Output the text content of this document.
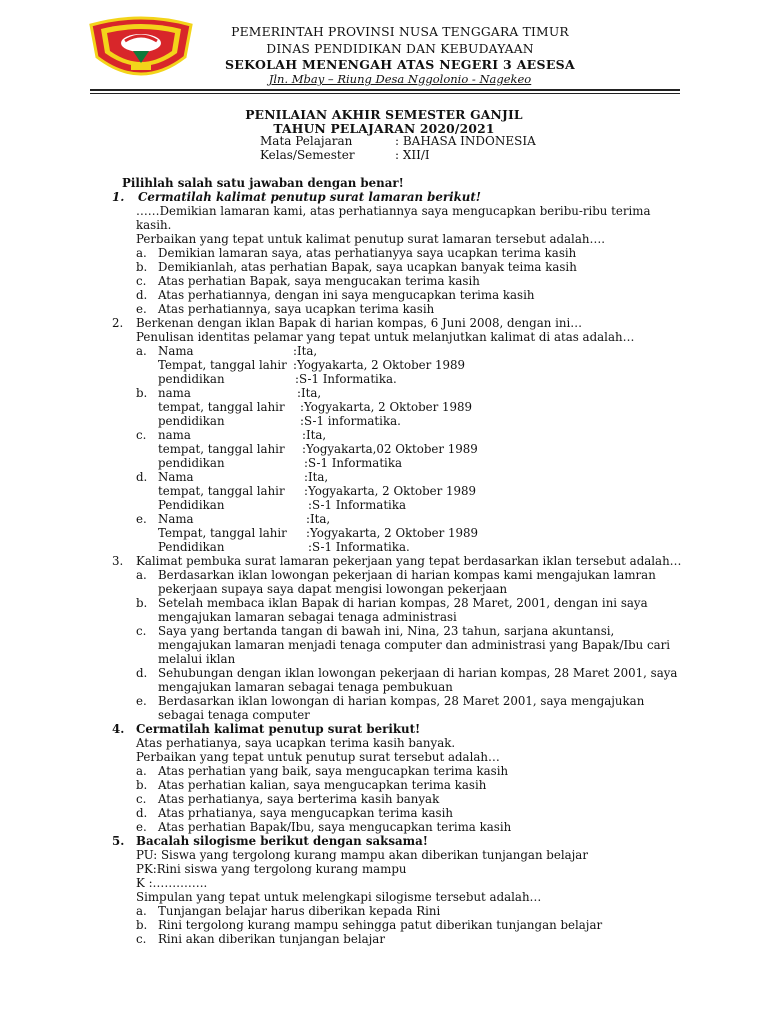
PEMERINTAH PROVINSI NUSA TENGGARA TIMUR
DINAS PENDIDIKAN DAN KEBUDAYAAN
SEKOLAH MENENGAH ATAS NEGERI 3 AESESA
Jln. Mbay – Riung Desa Nggolonio - Nagekeo
PENILAIAN AKHIR SEMESTER GANJIL
TAHUN PELAJARAN 2020/2021
Mata Pelajaran	: BAHASA INDONESIA
Kelas/Semester	: XII/I
Pilihlah salah satu jawaban dengan benar!
1. Cermatilah kalimat penutup surat lamaran berikut!
……Demikian lamaran kami, atas perhatiannya saya mengucapkan beribu-ribu terima
kasih.
Perbaikan yang tepat untuk kalimat penutup surat lamaran tersebut adalah….
a. Demikian lamaran saya, atas perhatianyya saya ucapkan terima kasih
b. Demikianlah, atas perhatian Bapak, saya ucapkan banyak teima kasih
c. Atas perhatian Bapak, saya mengucakan terima kasih
d. Atas perhatiannya, dengan ini saya mengucapkan terima kasih
e. Atas perhatiannya, saya ucapkan terima kasih
2. Berkenan dengan iklan Bapak di harian kompas, 6 Juni 2008, dengan ini…
Penulisan identitas pelamar yang tepat untuk melanjutkan kalimat di atas adalah…
a. Nama	:Ita,
Tempat, tanggal lahir :Yogyakarta, 2 Oktober 1989
pendidikan	:S-1 Informatika.
b. nama	:Ita,
tempat, tanggal lahir :Yogyakarta, 2 Oktober 1989
pendidikan	:S-1 informatika.
c. nama	:Ita,
tempat, tanggal lahir :Yogyakarta,02 Oktober 1989
pendidikan	:S-1 Informatika
d. Nama	:Ita,
tempat, tanggal lahir :Yogyakarta, 2 Oktober 1989
Pendidikan	:S-1 Informatika
e. Nama	:Ita,
Tempat, tanggal lahir :Yogyakarta, 2 Oktober 1989
Pendidikan	:S-1 Informatika.
3. Kalimat pembuka surat lamaran pekerjaan yang tepat berdasarkan iklan tersebut adalah…
a. Berdasarkan iklan lowongan pekerjaan di harian kompas kami mengajukan lamran
pekerjaan supaya saya dapat mengisi lowongan pekerjaan
b. Setelah membaca iklan Bapak di harian kompas, 28 Maret, 2001, dengan ini saya
mengajukan lamaran sebagai tenaga administrasi
c. Saya yang bertanda tangan di bawah ini, Nina, 23 tahun, sarjana akuntansi,
mengajukan lamaran menjadi tenaga computer dan administrasi yang Bapak/Ibu cari
melalui iklan
d. Sehubungan dengan iklan lowongan pekerjaan di harian kompas, 28 Maret 2001, saya
mengajukan lamaran sebagai tenaga pembukuan
e. Berdasarkan iklan lowongan di harian kompas, 28 Maret 2001, saya mengajukan
sebagai tenaga computer
4. Cermatilah kalimat penutup surat berikut!
Atas perhatianya, saya ucapkan terima kasih banyak.
Perbaikan yang tepat untuk penutup surat tersebut adalah…
a. Atas perhatian yang baik, saya mengucapkan terima kasih
b. Atas perhatian kalian, saya mengucapkan terima kasih
c. Atas perhatianya, saya berterima kasih banyak
d. Atas prhatianya, saya mengucapkan terima kasih
e. Atas perhatian Bapak/Ibu, saya mengucapkan terima kasih
5. Bacalah silogisme berikut dengan saksama!
PU: Siswa yang tergolong kurang mampu akan diberikan tunjangan belajar
PK:Rini siswa yang tergolong kurang mampu
K :…………..
Simpulan yang tepat untuk melengkapi silogisme tersebut adalah…
a. Tunjangan belajar harus diberikan kepada Rini
b. Rini tergolong kurang mampu sehingga patut diberikan tunjangan belajar
c. Rini akan diberikan tunjangan belajar
